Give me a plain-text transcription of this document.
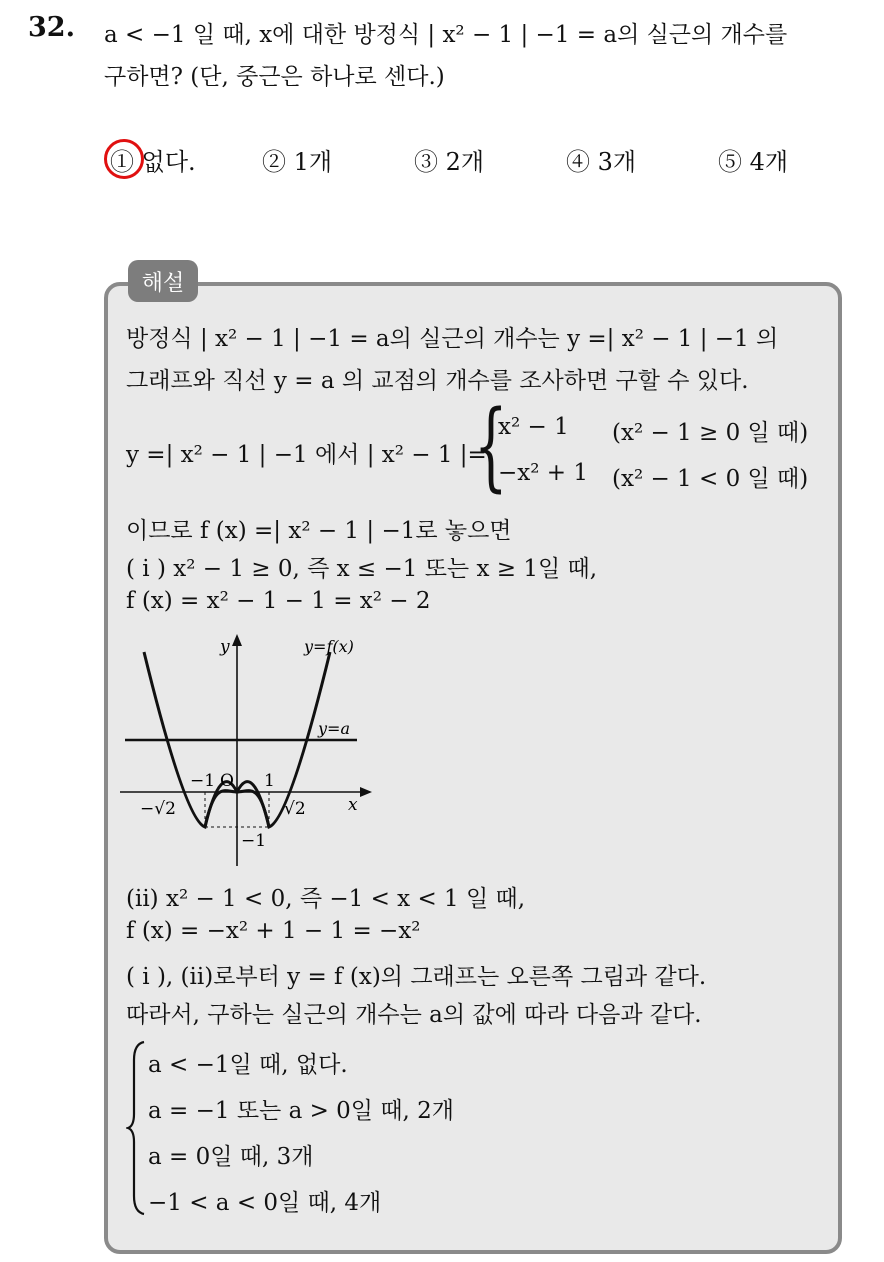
32. a < −1 일 때, x에 대한 방정식 | x² − 1 | −1 = a의 실근의 개수를
구하면? (단, 중근은 하나로 센다.)
① 없다.	② 1개	③ 2개	④ 3개	⑤ 4개
해설
방정식 | x² − 1 | −1 = a의 실근의 개수는 y =| x² − 1 | −1 의
그래프와 직선 y = a 의 교점의 개수를 조사하면 구할 수 있다.
y =| x² − 1 | −1 에서 | x² − 1 |=
{
x² − 1 (x² − 1 ≥ 0 일 때)
−x² + 1 (x² − 1 < 0 일 때)
이므로 f (x) =| x² − 1 | −1로 놓으면
( i ) x² − 1 ≥ 0, 즉 x ≤ −1 또는 x ≥ 1일 때,
f (x) = x² − 1 − 1 = x² − 2
y
x
y=f(x)
y=a
−1 O 1
−√2	√2
−1
(ii) x² − 1 < 0, 즉 −1 < x < 1 일 때,
f (x) = −x² + 1 − 1 = −x²
( i ), (ii)로부터 y = f (x)의 그래프는 오른쪽 그림과 같다.
따라서, 구하는 실근의 개수는 a의 값에 따라 다음과 같다.
a < −1일 때, 없다.
a = −1 또는 a > 0일 때, 2개
a = 0일 때, 3개
−1 < a < 0일 때, 4개
